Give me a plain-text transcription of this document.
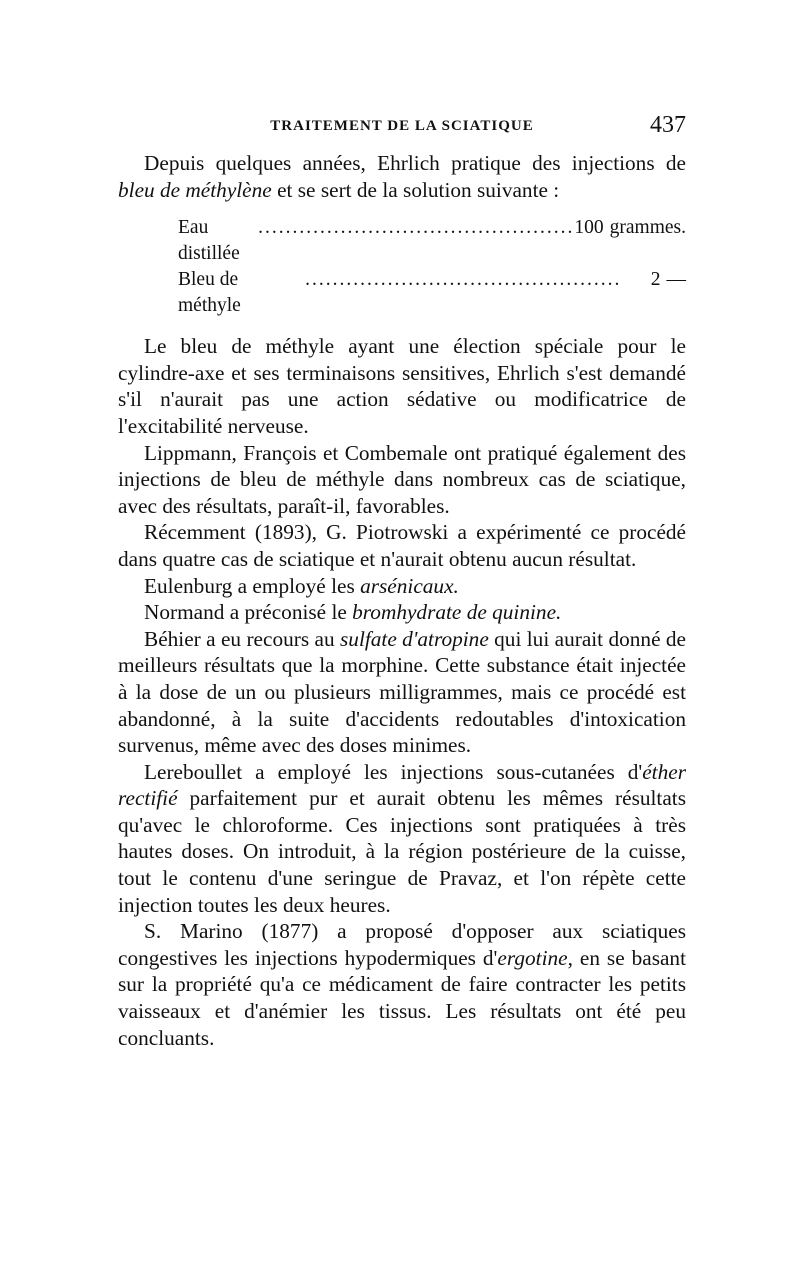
TRAITEMENT DE LA SCIATIQUE	437

Depuis quelques années, Ehrlich pratique des injections de bleu de méthylène et se sert de la solution suivante :

Eau distillée
.............................................. 100 grammes.
Bleu de méthyle
..............................................	2 —

Le bleu de méthyle ayant une élection spéciale pour le cylindre-axe et ses terminaisons sensitives, Ehrlich s'est demandé s'il n'aurait pas une action sédative ou modificatrice de l'excitabilité nerveuse.

Lippmann, François et Combemale ont pratiqué également des injections de bleu de méthyle dans nombreux cas de sciatique, avec des résultats, paraît-il, favorables.

Récemment (1893), G. Piotrowski a expérimenté ce procédé dans quatre cas de sciatique et n'aurait obtenu aucun résultat.

Eulenburg a employé les arsénicaux.

Normand a préconisé le bromhydrate de quinine.

Béhier a eu recours au sulfate d'atropine qui lui aurait donné de meilleurs résultats que la morphine. Cette substance était injectée à la dose de un ou plusieurs milligrammes, mais ce procédé est abandonné, à la suite d'accidents redoutables d'intoxication survenus, même avec des doses minimes.

Lereboullet a employé les injections sous-cutanées d'éther rectifié parfaitement pur et aurait obtenu les mêmes résultats qu'avec le chloroforme. Ces injections sont pratiquées à très hautes doses. On introduit, à la région postérieure de la cuisse, tout le contenu d'une seringue de Pravaz, et l'on répète cette injection toutes les deux heures.

S. Marino (1877) a proposé d'opposer aux sciatiques congestives les injections hypodermiques d'ergotine, en se basant sur la propriété qu'a ce médicament de faire contracter les petits vaisseaux et d'anémier les tissus. Les résultats ont été peu concluants.
